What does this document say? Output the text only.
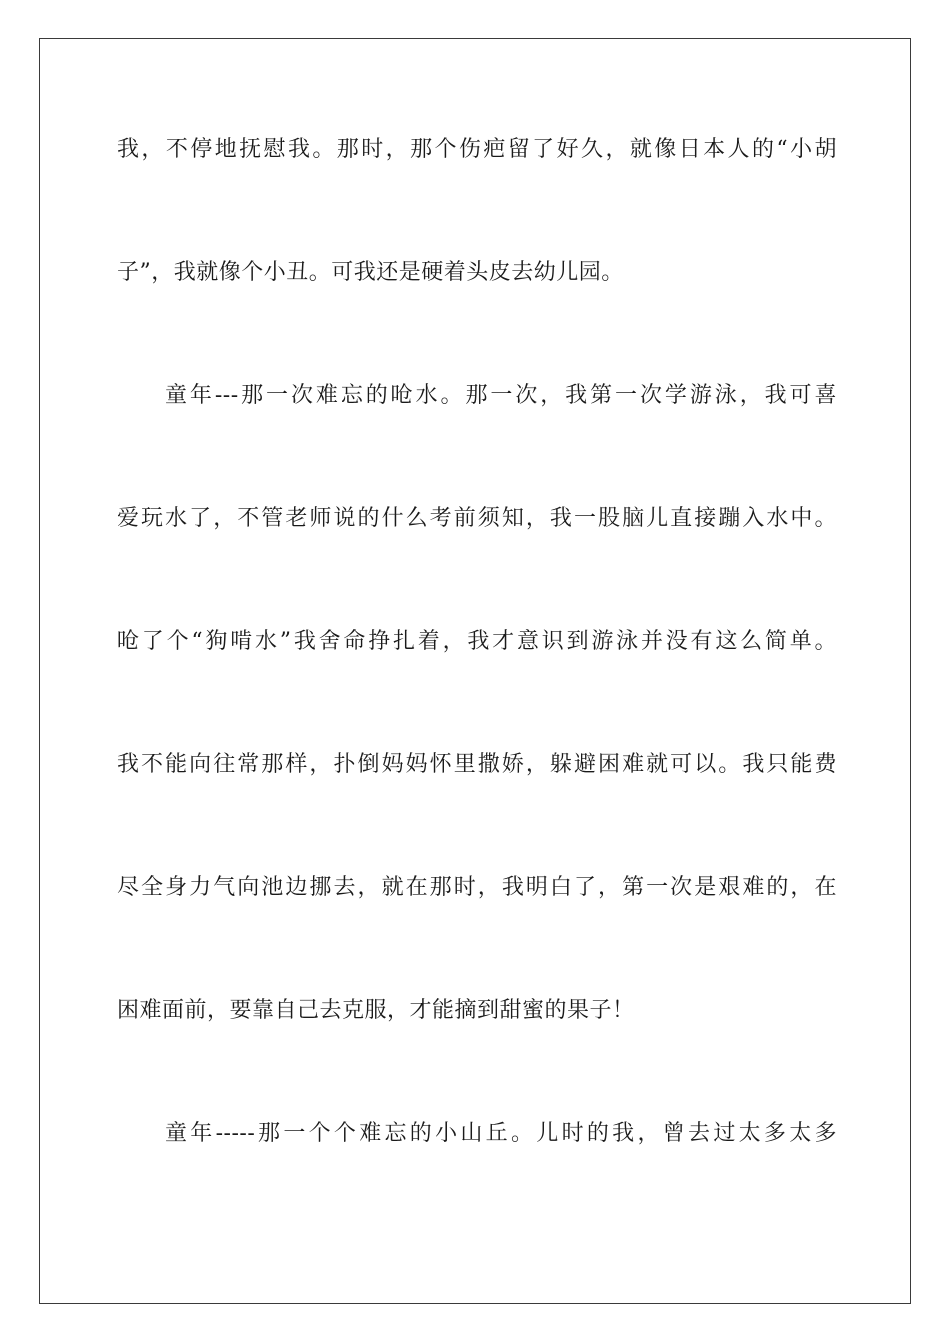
我，不停地抚慰我。那时，那个伤疤留了好久，就像日本人的“小胡
子”，我就像个小丑。可我还是硬着头皮去幼儿园。
童年---那一次难忘的呛水。那一次，我第一次学游泳，我可喜
爱玩水了，不管老师说的什么考前须知，我一股脑儿直接蹦入水中。
呛了个“狗啃水”我舍命挣扎着，我才意识到游泳并没有这么简单。
我不能向往常那样，扑倒妈妈怀里撒娇，躲避困难就可以。我只能费
尽全身力气向池边挪去，就在那时，我明白了，第一次是艰难的，在
困难面前，要靠自己去克服，才能摘到甜蜜的果子！
童年-----那一个个难忘的小山丘。儿时的我，曾去过太多太多
